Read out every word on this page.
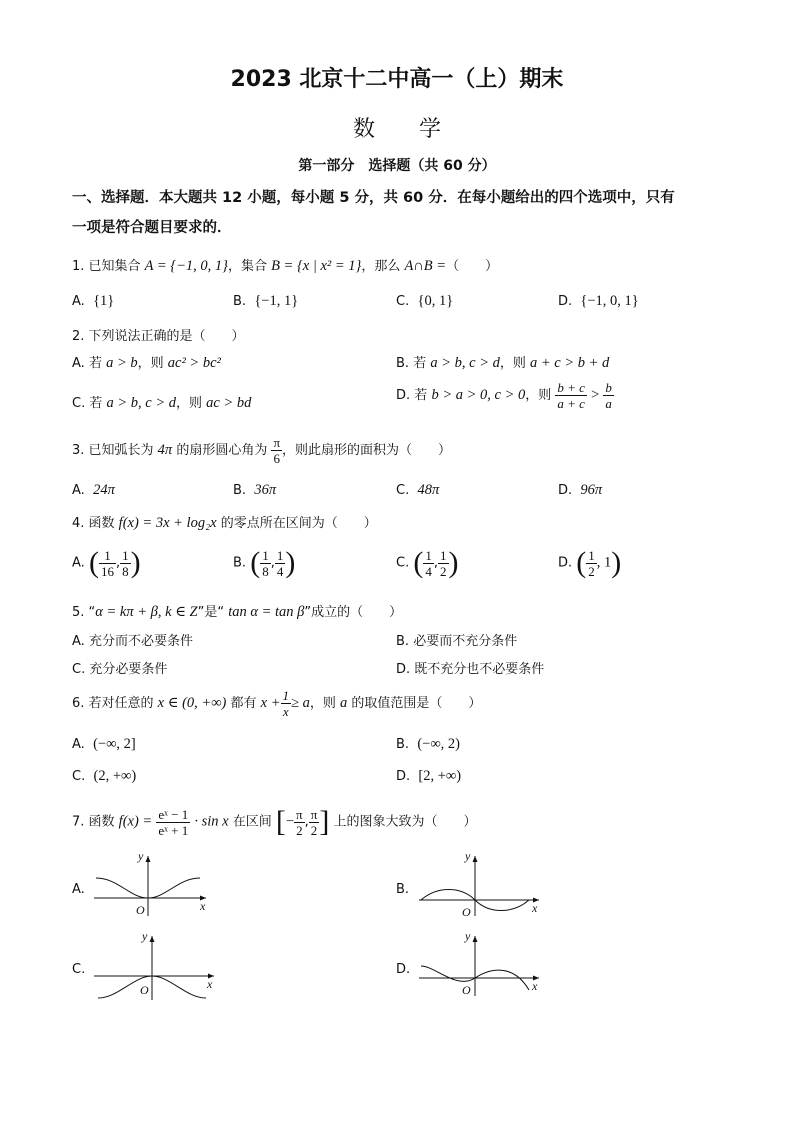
2023 北京十二中高一（上）期末
数　　学
第一部分　选择题（共 60 分）
一、选择题．本大题共 12 小题，每小题 5 分，共 60 分．在每小题给出的四个选项中，只有
一项是符合题目要求的．
1. 已知集合 A = {−1, 0, 1}，集合 B = {x | x² = 1}，那么 A∩B =（　　）
A. {1}	B. {−1, 1}	C. {0, 1}	D. {−1, 0, 1}
2. 下列说法正确的是（　　）
A. 若 a > b，则 ac² > bc²	B. 若 a > b, c > d，则 a + c > b + d
C. 若 a > b, c > d，则 ac > bd	D. 若 b > a > 0, c > 0，则 $\frac{b + c}{a + c} > \frac{b}{a}$
3. 已知弧长为 4π 的扇形圆心角为 $\frac{\pi}{6}$ ，则此扇形的面积为（　　）
A. 24π	B. 36π	C. 48π	D. 96π
4. 函数 f(x) = 3x + log₂x 的零点所在区间为（　　）
A. ( $\frac{1}{16}$ , $\frac{1}{8}$ )	B. ( $\frac{1}{8}$ , $\frac{1}{4}$ )	C. ( $\frac{1}{4}$ , $\frac{1}{2}$ )	D. ( $\frac{1}{2}$ , 1)
5. “α = kπ + β, k ∈ Z”是“ tan α = tan β”成立的（　　）
A. 充分而不必要条件	B. 必要而不充分条件
C. 充分必要条件	D. 既不充分也不必要条件
6. 若对任意的 x ∈ (0, +∞) 都有 $x + \frac{1}{x} \ge a$，则 a 的取值范围是（　　）
A. (−∞, 2]	B. (−∞, 2)
C. (2, +∞)	D. [2, +∞)
7. 函数 $f(x) = \frac{\text{eˣ − 1}}{\text{eˣ + 1}} \cdot \sin x$ 在区间 [− $\frac{\pi}{2}$ , $\frac{\pi}{2}$ ] 上的图象大致为（　　）
A.
y
x
O
B.
y
x
O
C.
y
x
O
D.
y
x
O
